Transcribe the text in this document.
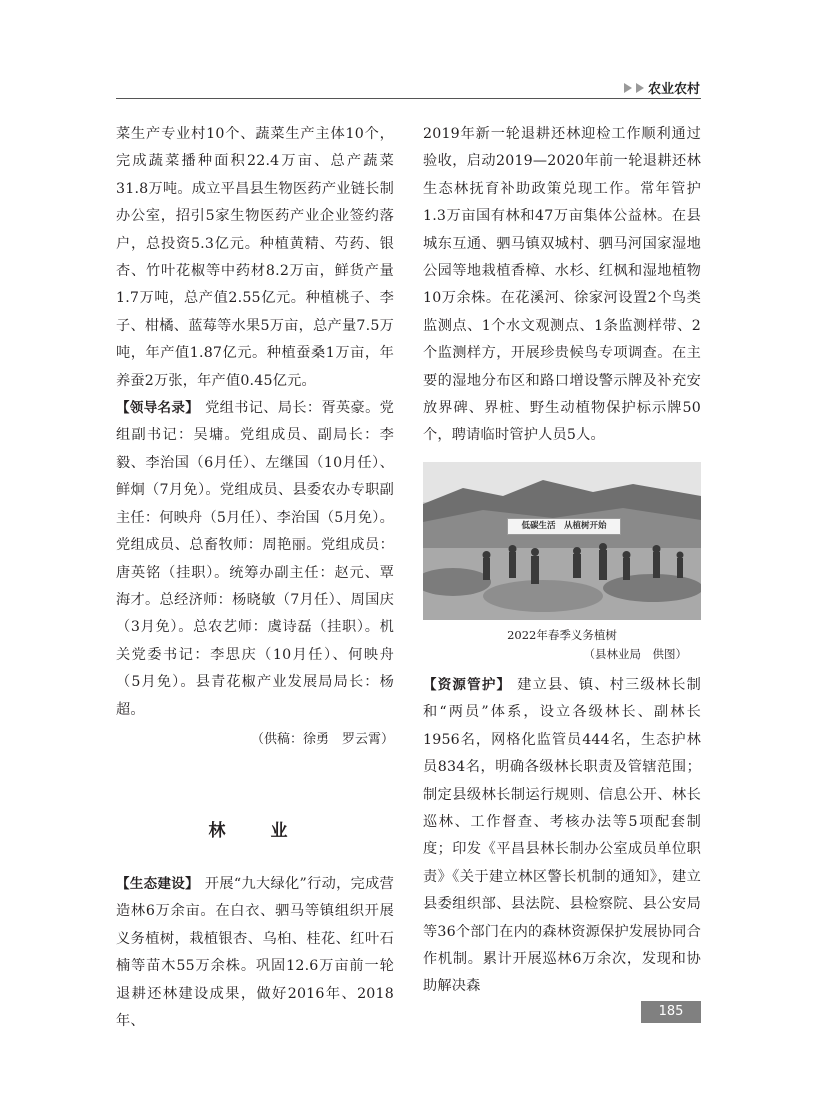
农业农村

菜生产专业村10个、蔬菜生产主体10个，完成蔬菜播种面积22.4万亩、总产蔬菜31.8万吨。成立平昌县生物医药产业链长制办公室，招引5家生物医药产业企业签约落户，总投资5.3亿元。种植黄精、芍药、银杏、竹叶花椒等中药材8.2万亩，鲜货产量1.7万吨，总产值2.55亿元。种植桃子、李子、柑橘、蓝莓等水果5万亩，总产量7.5万吨，年产值1.87亿元。种植蚕桑1万亩，年养蚕2万张，年产值0.45亿元。

【领导名录】 党组书记、局长：胥英豪。党组副书记：吴墉。党组成员、副局长：李毅、李治国（6月任）、左继国（10月任）、鲜炯（7月免）。党组成员、县委农办专职副主任：何映舟（5月任）、李治国（5月免）。党组成员、总畜牧师：周艳丽。党组成员：唐英铭（挂职）。统筹办副主任：赵元、覃海才。总经济师：杨晓敏（7月任）、周国庆（3月免）。总农艺师：虞诗磊（挂职）。机关党委书记：李思庆（10月任）、何映舟（5月免）。县青花椒产业发展局局长：杨超。

（供稿：徐勇　罗云霄）
林　业

【生态建设】 开展“九大绿化”行动，完成营造林6万余亩。在白衣、驷马等镇组织开展义务植树，栽植银杏、乌桕、桂花、红叶石楠等苗木55万余株。巩固12.6万亩前一轮退耕还林建设成果，做好2016年、2018年、

2019年新一轮退耕还林迎检工作顺利通过验收，启动2019—2020年前一轮退耕还林生态林抚育补助政策兑现工作。常年管护1.3万亩国有林和47万亩集体公益林。在县城东互通、驷马镇双城村、驷马河国家湿地公园等地栽植香樟、水杉、红枫和湿地植物10万余株。在花溪河、徐家河设置2个鸟类监测点、1个水文观测点、1条监测样带、2个监测样方，开展珍贵候鸟专项调查。在主要的湿地分布区和路口增设警示牌及补充安放界碑、界桩、野生动植物保护标示牌50个，聘请临时管护人员5人。

低碳生活　从植树开始
2022年春季义务植树
（县林业局　供图）

【资源管护】 建立县、镇、村三级林长制和“两员”体系，设立各级林长、副林长1956名，网格化监管员444名，生态护林员834名，明确各级林长职责及管辖范围；制定县级林长制运行规则、信息公开、林长巡林、工作督查、考核办法等5项配套制度；印发《平昌县林长制办公室成员单位职责》《关于建立林区警长机制的通知》，建立县委组织部、县法院、县检察院、县公安局等36个部门在内的森林资源保护发展协同合作机制。累计开展巡林6万余次，发现和协助解决森

185
